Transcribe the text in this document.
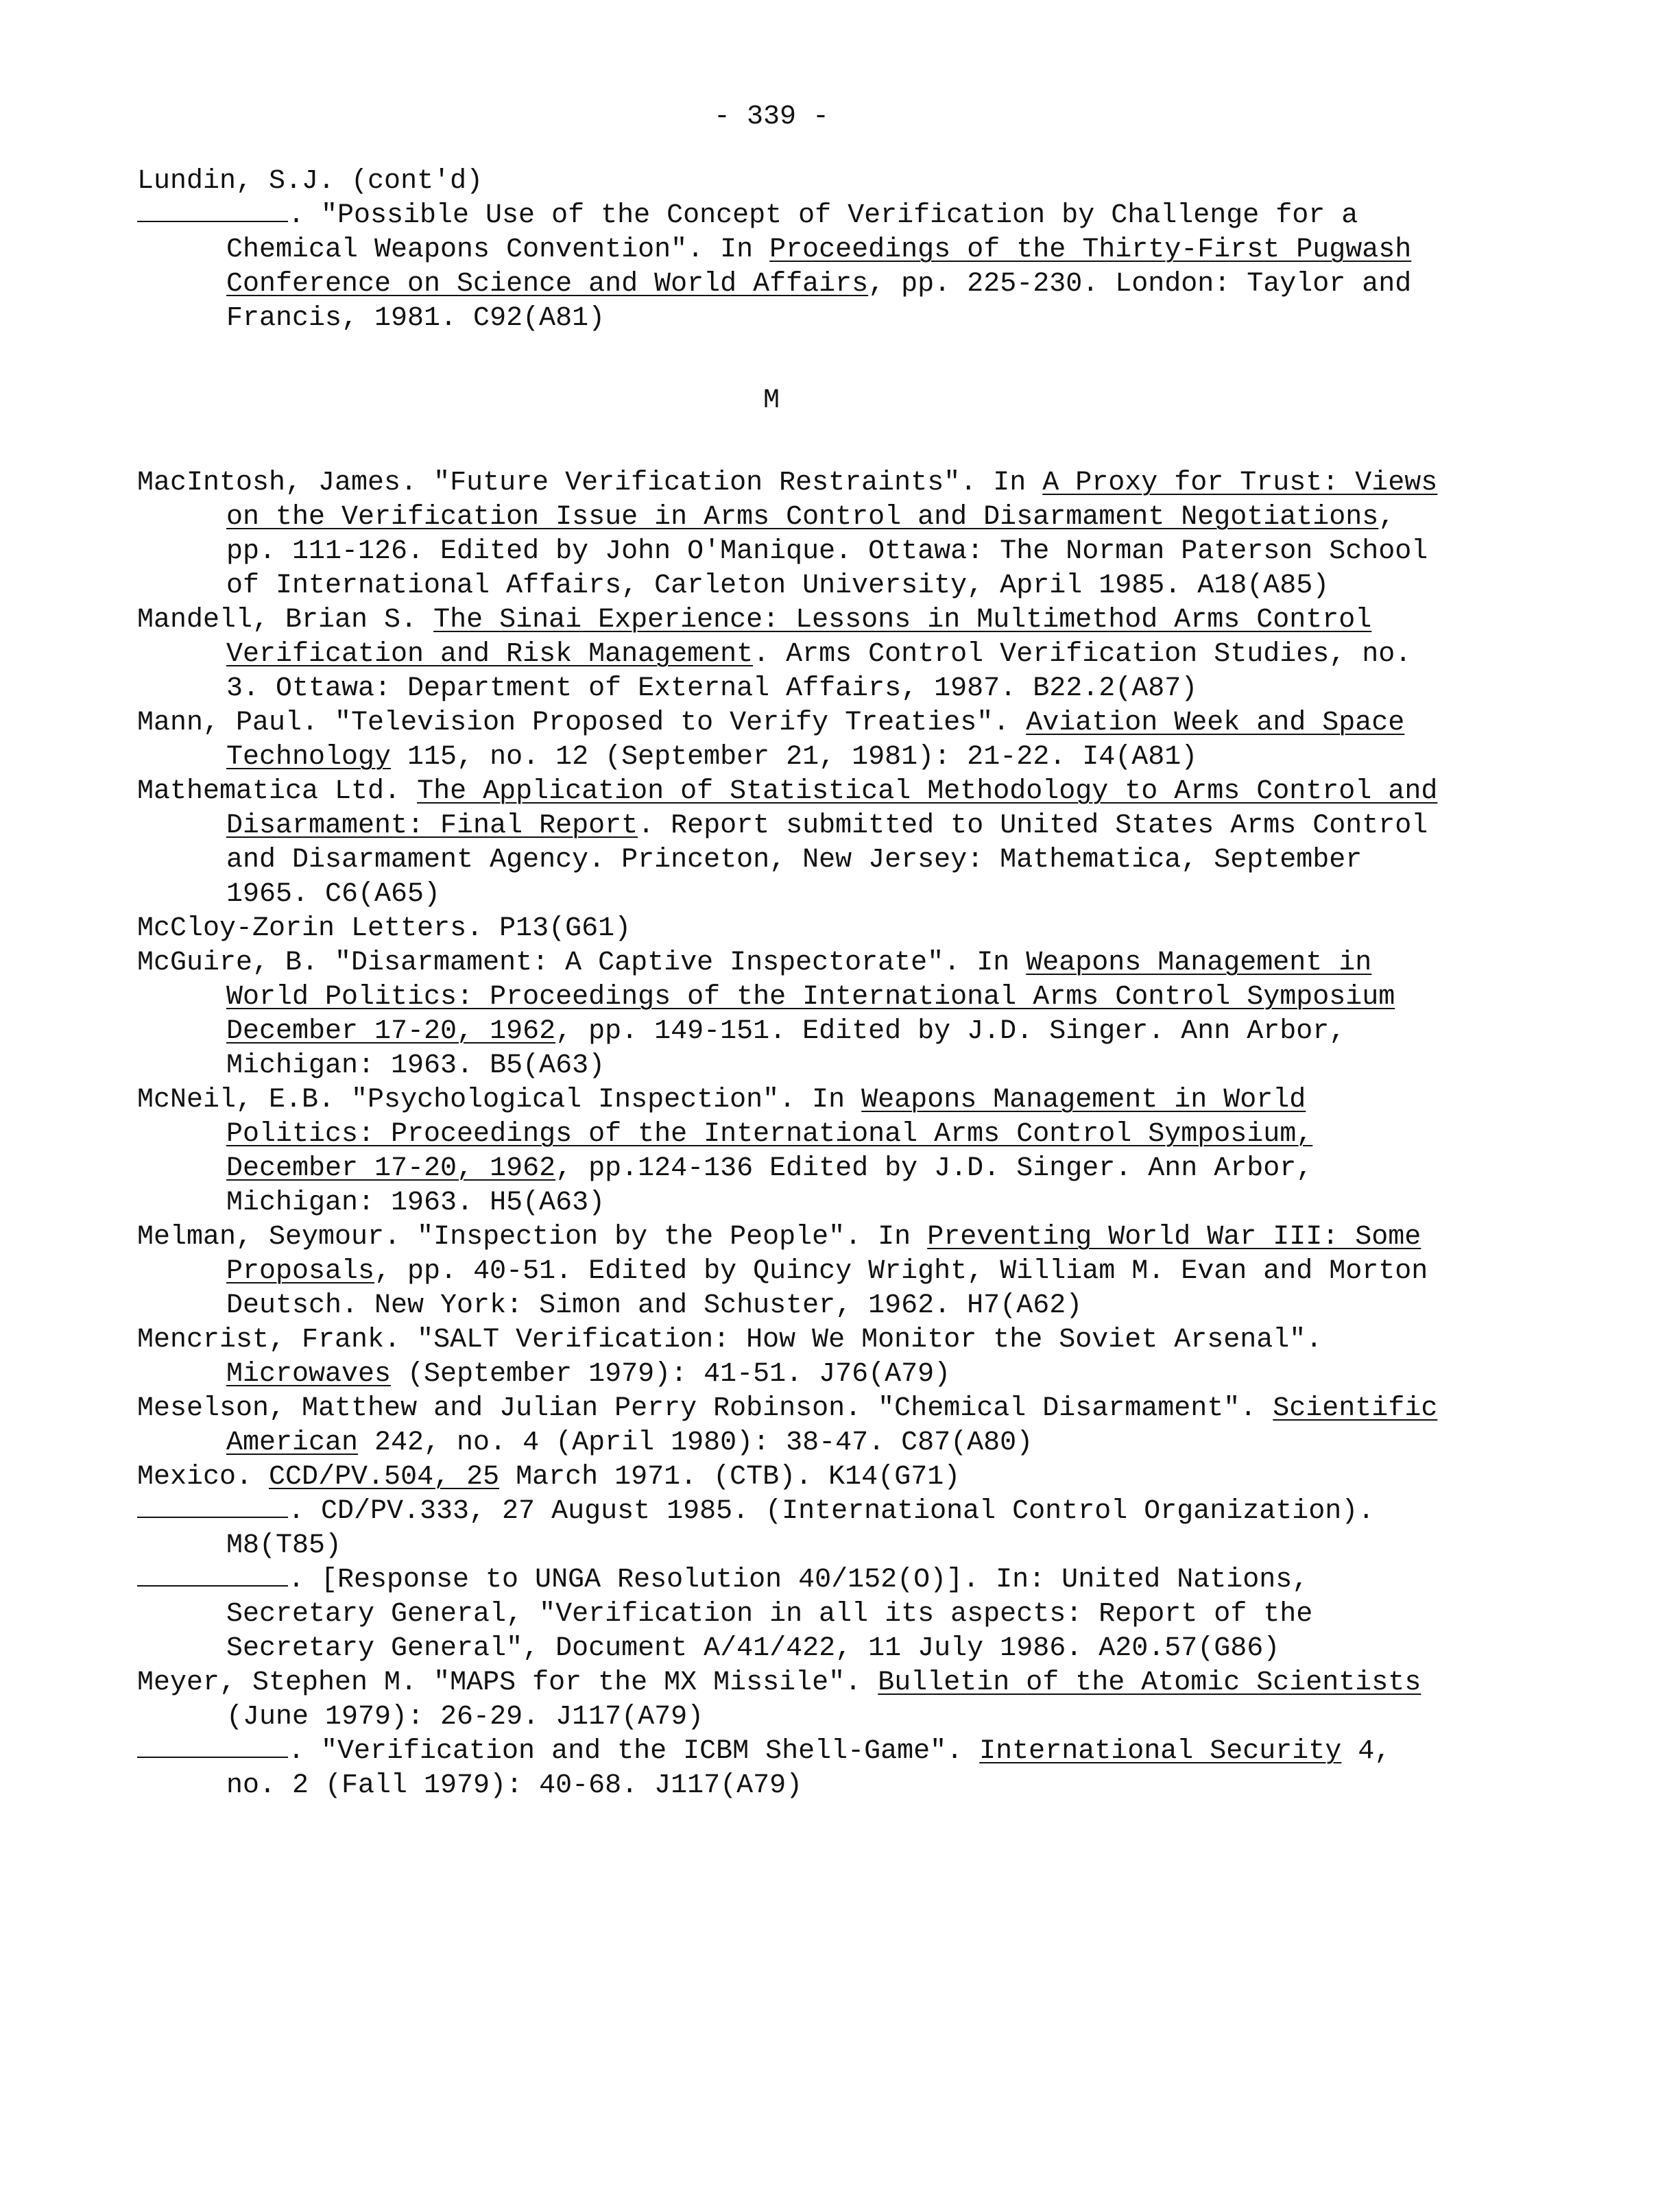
- 339 -

Lundin, S.J. (cont'd)

. "Possible Use of the Concept of Verification by Challenge for a Chemical Weapons Convention". In Proceedings of the Thirty-First Pugwash Conference on Science and World Affairs, pp. 225-230. London: Taylor and Francis, 1981. C92(A81)

M

MacIntosh, James. "Future Verification Restraints". In A Proxy for Trust: Views on the Verification Issue in Arms Control and Disarmament Negotiations, pp. 111-126. Edited by John O'Manique. Ottawa: The Norman Paterson School of International Affairs, Carleton University, April 1985. A18(A85)

Mandell, Brian S. The Sinai Experience: Lessons in Multimethod Arms Control Verification and Risk Management. Arms Control Verification Studies, no. 3. Ottawa: Department of External Affairs, 1987. B22.2(A87)

Mann, Paul. "Television Proposed to Verify Treaties". Aviation Week and Space Technology 115, no. 12 (September 21, 1981): 21-22. I4(A81)

Mathematica Ltd. The Application of Statistical Methodology to Arms Control and Disarmament: Final Report. Report submitted to United States Arms Control and Disarmament Agency. Princeton, New Jersey: Mathematica, September 1965. C6(A65)

McCloy-Zorin Letters. P13(G61)

McGuire, B. "Disarmament: A Captive Inspectorate". In Weapons Management in World Politics: Proceedings of the International Arms Control Symposium December 17-20, 1962, pp. 149-151. Edited by J.D. Singer. Ann Arbor, Michigan: 1963. B5(A63)

McNeil, E.B. "Psychological Inspection". In Weapons Management in World Politics: Proceedings of the International Arms Control Symposium, December 17-20, 1962, pp.124-136 Edited by J.D. Singer. Ann Arbor, Michigan: 1963. H5(A63)

Melman, Seymour. "Inspection by the People". In Preventing World War III: Some Proposals, pp. 40-51. Edited by Quincy Wright, William M. Evan and Morton Deutsch. New York: Simon and Schuster, 1962. H7(A62)

Mencrist, Frank. "SALT Verification: How We Monitor the Soviet Arsenal". Microwaves (September 1979): 41-51. J76(A79)

Meselson, Matthew and Julian Perry Robinson. "Chemical Disarmament". Scientific American 242, no. 4 (April 1980): 38-47. C87(A80)

Mexico. CCD/PV.504, 25 March 1971. (CTB). K14(G71)

. CD/PV.333, 27 August 1985. (International Control Organization). M8(T85)

. [Response to UNGA Resolution 40/152(O)]. In: United Nations, Secretary General, "Verification in all its aspects: Report of the Secretary General", Document A/41/422, 11 July 1986. A20.57(G86)

Meyer, Stephen M. "MAPS for the MX Missile". Bulletin of the Atomic Scientists (June 1979): 26-29. J117(A79)

. "Verification and the ICBM Shell-Game". International Security 4, no. 2 (Fall 1979): 40-68. J117(A79)
